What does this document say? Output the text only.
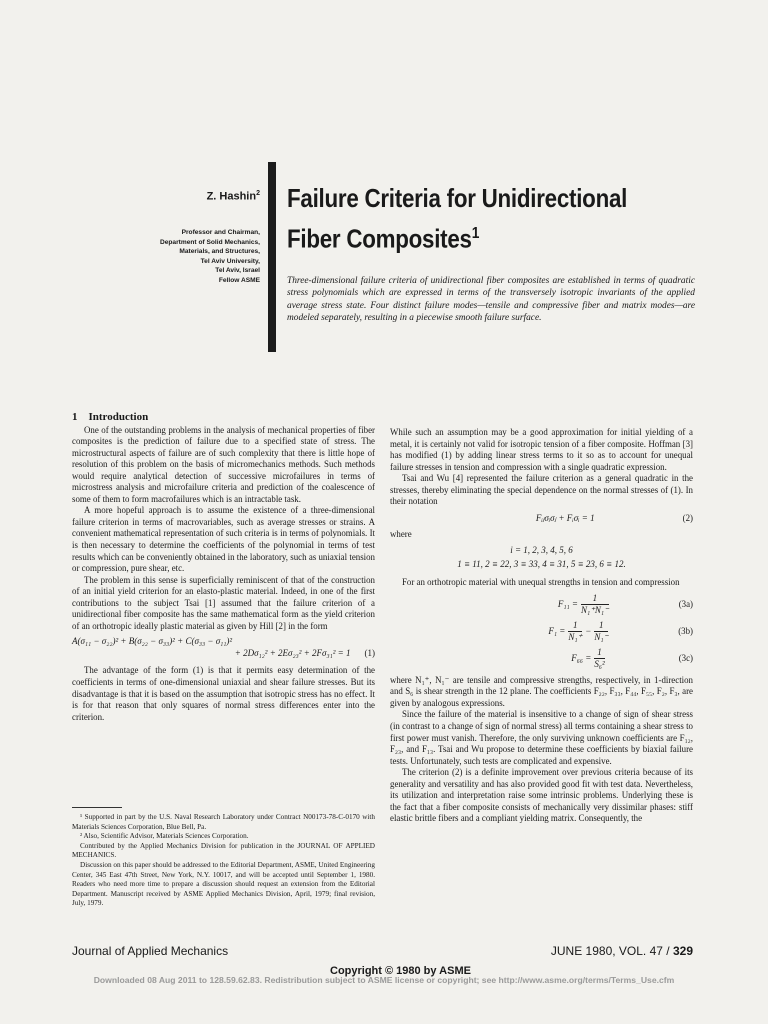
Z. Hashin$^2$
Professor and Chairman,
Department of Solid Mechanics,
Materials, and Structures,
Tel Aviv University,
Tel Aviv, Israel
Fellow ASME
Failure Criteria for Unidirectional
Fiber Composites$^1$
Three-dimensional failure criteria of unidirectional fiber composites are established in terms of quadratic stress polynomials which are expressed in terms of the transversely isotropic invariants of the applied average stress state. Four distinct failure modes—tensile and compressive fiber and matrix modes—are modeled separately, resulting in a piecewise smooth failure surface.
1 Introduction

One of the outstanding problems in the analysis of mechanical properties of fiber composites is the prediction of failure due to a specified state of stress. The microstructural aspects of failure are of such complexity that there is little hope of resolution of this problem on the basis of micromechanics methods. Such methods would require analytical detection of successive microfailures in terms of microstress analysis and microfailure criteria and prediction of the coalescence of some of them to form macrofailures which is an intractable task.

A more hopeful approach is to assume the existence of a three-dimensional failure criterion in terms of macrovariables, such as average stresses or strains. A convenient mathematical representation of such criteria is in terms of polynomials. It is then necessary to determine the coefficients of the polynomial in terms of test results which can be conveniently obtained in the laboratory, such as uniaxial tension or compression, pure shear, etc.

The problem in this sense is superficially reminiscent of that of the construction of an initial yield criterion for an elasto-plastic material. Indeed, in one of the first contributions to the subject Tsai [1] assumed that the failure criterion of a unidirectional fiber composite has the same mathematical form as the yield criterion of an orthotropic ideally plastic material as given by Hill [2] in the form

A(σ₁₁ − σ₂₂)² + B(σ₂₂ − σ₃₃)² + C(σ₃₃ − σ₁₁)²
+ 2Dσ₁₂² + 2Eσ₂₃² + 2Fσ₃₁² = 1 (1)

The advantage of the form (1) is that it permits easy determination of the coefficients in terms of one-dimensional uniaxial and shear failure stresses. But its disadvantage is that it is based on the assumption that isotropic stress has no effect. It is for that reason that only squares of normal stress differences enter into the criterion.

¹ Supported in part by the U.S. Naval Research Laboratory under Contract N00173-78-C-0170 with Materials Sciences Corporation, Blue Bell, Pa.

² Also, Scientific Advisor, Materials Sciences Corporation.

Contributed by the Applied Mechanics Division for publication in the JOURNAL OF APPLIED MECHANICS.

Discussion on this paper should be addressed to the Editorial Department, ASME, United Engineering Center, 345 East 47th Street, New York, N.Y. 10017, and will be accepted until September 1, 1980. Readers who need more time to prepare a discussion should request an extension from the Editorial Department. Manuscript received by ASME Applied Mechanics Division, April, 1979; final revision, July, 1979.

While such an assumption may be a good approximation for initial yielding of a metal, it is certainly not valid for isotropic tension of a fiber composite. Hoffman [3] has modified (1) by adding linear stress terms to it so as to account for unequal failure stresses in tension and compression with a single quadratic expression.

Tsai and Wu [4] represented the failure criterion as a general quadratic in the stresses, thereby eliminating the special dependence on the normal stresses of (1). In their notation

Fᵢⱼσᵢσⱼ + Fᵢσᵢ = 1	(2)

where

i = 1, 2, 3, 4, 5, 6
1 ≡ 11, 2 ≡ 22, 3 ≡ 33, 4 ≡ 31, 5 ≡ 23, 6 ≡ 12.

For an orthotropic material with unequal strengths in tension and compression

$F_{11} = \frac{1}{\text{N₁⁺N₁⁻}}$	(3a)
$F_1 = \frac{1}{\text{N₁⁺}} - \frac{1}{\text{N₁⁻}}$	(3b)
$F_{66} = \frac{1}{\text{S₆²}}$	(3c)

where N₁⁺, N₁⁻ are tensile and compressive strengths, respectively, in 1-direction and S₆ is shear strength in the 12 plane. The coefficients F₂₂, F₃₃, F₄₄, F₅₅, F₂, F₃, are given by analogous expressions.

Since the failure of the material is insensitive to a change of sign of shear stress (in contrast to a change of sign of normal stress) all terms containing a shear stress to first power must vanish. Therefore, the only surviving unknown coefficients are F₁₂, F₂₃, and F₁₃. Tsai and Wu propose to determine these coefficients by biaxial failure tests. Unfortunately, such tests are complicated and expensive.

The criterion (2) is a definite improvement over previous criteria because of its generality and versatility and has also provided good fit with test data. Nevertheless, its utilization and interpretation raise some intrinsic problems. Underlying these is the fact that a fiber composite consists of mechanically very dissimilar phases: stiff elastic brittle fibers and a compliant yielding matrix. Consequently, the

Journal of Applied Mechanics	JUNE 1980, VOL. 47 / 329
Downloaded 08 Aug 2011 to 128.59.62.83. Redistribution subject to ASME license or copyright; see http://www.asme.org/terms/Terms_Use.cfm
Copyright © 1980 by ASME
